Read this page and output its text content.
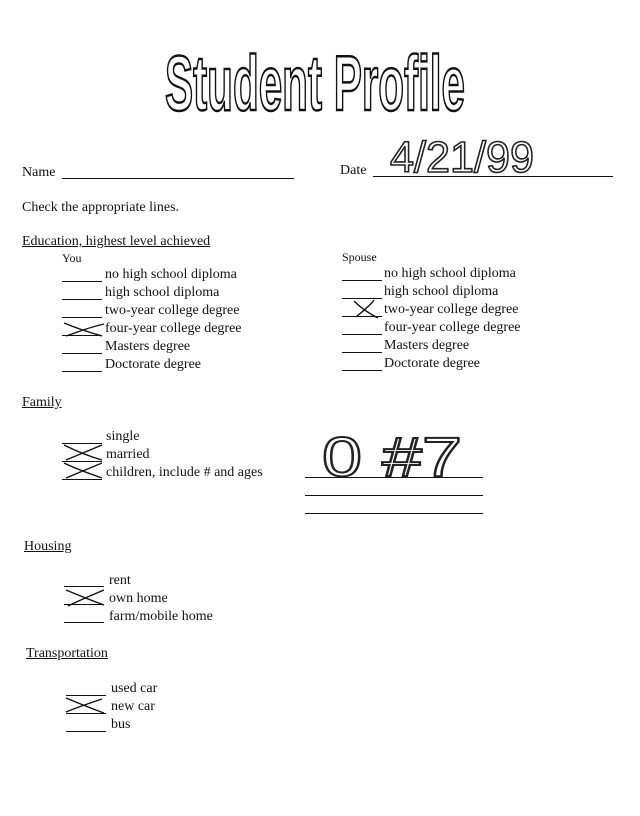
Student Profile
Name	Date 4/21/99
Check the appropriate lines.
Education, highest level achieved
You	Spouse
no high school diploma
high school diploma
two-year college degree
four-year college degree
Masters degree
Doctorate degree
no high school diploma
high school diploma
two-year college degree
four-year college degree
Masters degree
Doctorate degree
Family
single
married
children, include # and ages 0 #7
Housing
rent
own home
farm/mobile home
Transportation
used car
new car
bus
